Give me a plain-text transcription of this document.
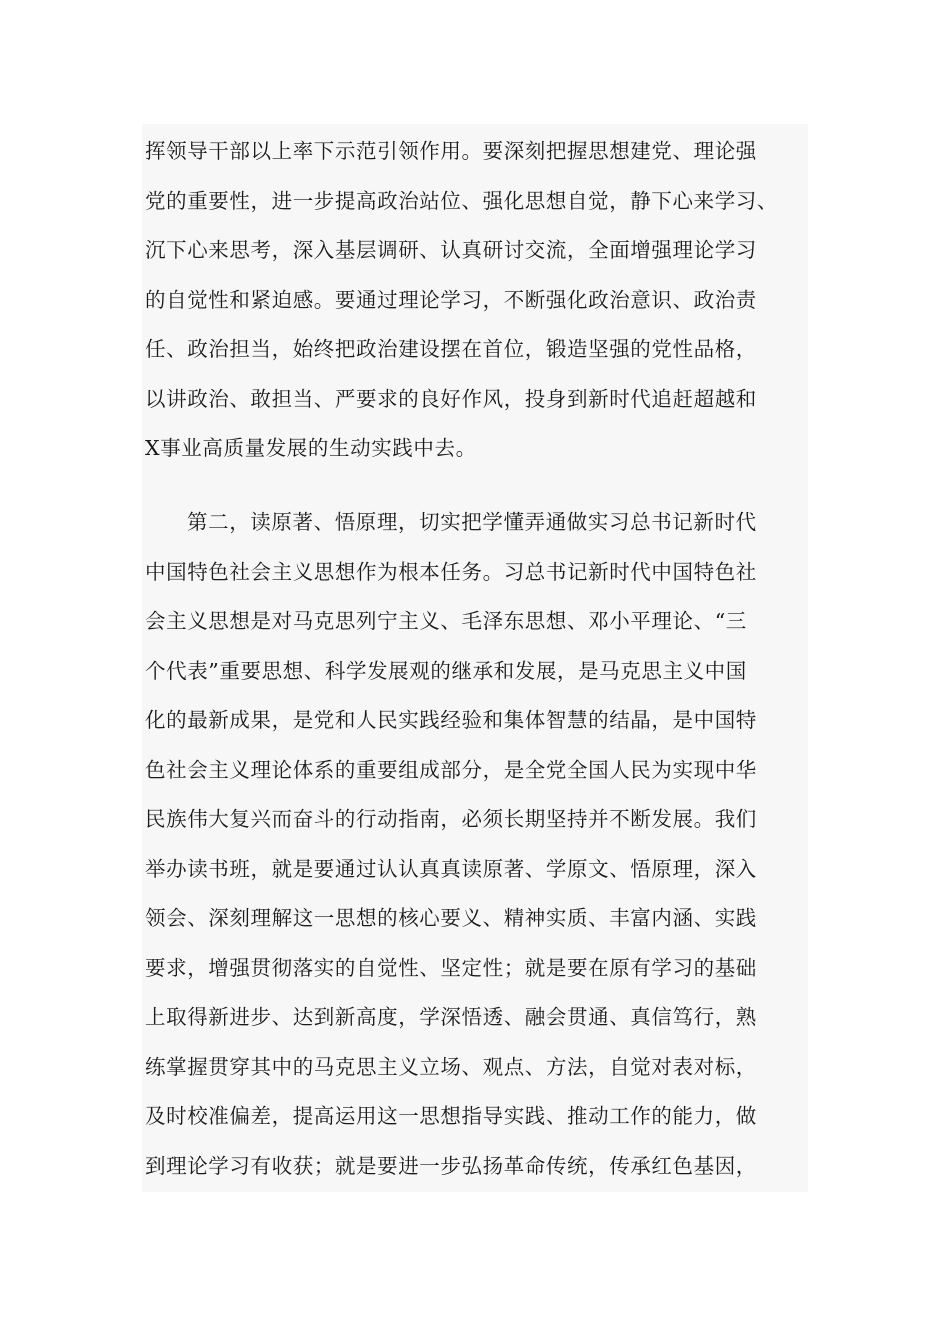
挥领导干部以上率下示范引领作用。要深刻把握思想建党、理论强
党的重要性，进一步提高政治站位、强化思想自觉，静下心来学习、
沉下心来思考，深入基层调研、认真研讨交流，全面增强理论学习
的自觉性和紧迫感。要通过理论学习，不断强化政治意识、政治责
任、政治担当，始终把政治建设摆在首位，锻造坚强的党性品格，
以讲政治、敢担当、严要求的良好作风，投身到新时代追赶超越和
X事业高质量发展的生动实践中去。
第二，读原著、悟原理，切实把学懂弄通做实习总书记新时代
中国特色社会主义思想作为根本任务。习总书记新时代中国特色社
会主义思想是对马克思列宁主义、毛泽东思想、邓小平理论、“三
个代表”重要思想、科学发展观的继承和发展，是马克思主义中国
化的最新成果，是党和人民实践经验和集体智慧的结晶，是中国特
色社会主义理论体系的重要组成部分，是全党全国人民为实现中华
民族伟大复兴而奋斗的行动指南，必须长期坚持并不断发展。我们
举办读书班，就是要通过认认真真读原著、学原文、悟原理，深入
领会、深刻理解这一思想的核心要义、精神实质、丰富内涵、实践
要求，增强贯彻落实的自觉性、坚定性；就是要在原有学习的基础
上取得新进步、达到新高度，学深悟透、融会贯通、真信笃行，熟
练掌握贯穿其中的马克思主义立场、观点、方法，自觉对表对标，
及时校准偏差，提高运用这一思想指导实践、推动工作的能力，做
到理论学习有收获；就是要进一步弘扬革命传统，传承红色基因，
